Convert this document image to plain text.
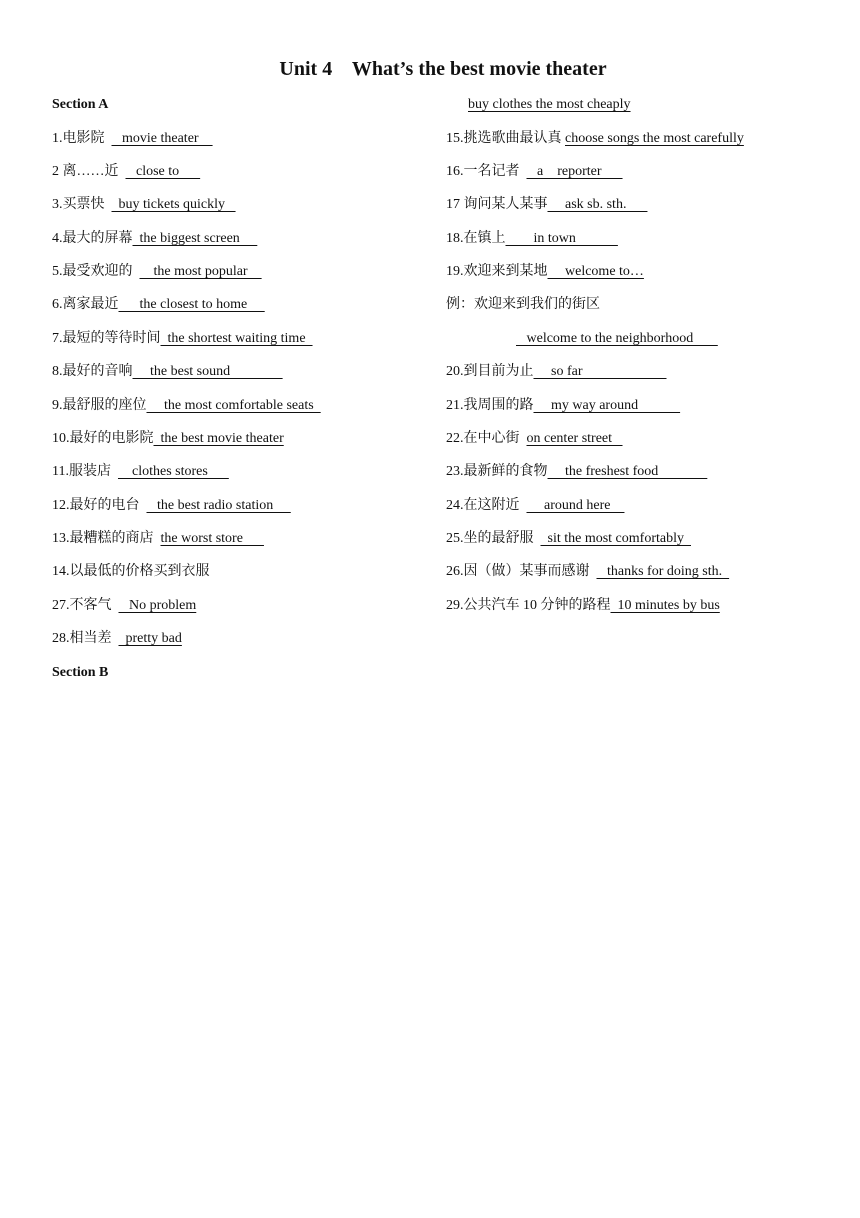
Unit 4    What’s the best movie theater
Section A	buy clothes the most cheaply
1.电影院     movie theater
2 离……近     close to
3.买票快    buy tickets quickly
4.最大的屏幕  the biggest screen
5.最受欢迎的      the most popular
6.离家最近      the closest to home
7.最短的等待时间  the shortest waiting time
8.最好的音响     the best sound
9.最舒服的座位     the most comfortable seats
10.最好的电影院  the best movie theater
11.服装店      clothes stores
12.最好的电台     the best radio station
13.最糟糕的商店  the worst store
14.以最低的价格买到衣服
27.不客气     No problem
28.相当差    pretty bad
Section B
15.挑选歌曲最认真 choose songs the most carefully
16.一名记者     a    reporter
17 询问某人某事     ask sb. sth.
18.在镇上        in town
19.欢迎来到某地     welcome to…
例：欢迎来到我们的街区
welcome to the neighborhood
20.到目前为止     so far
21.我周围的路     my way around
22.在中心街  on center street
23.最新鲜的食物     the freshest food
24.在这附近       around here
25.坐的最舒服    sit the most comfortably
26.因（做）某事而感谢     thanks for doing sth.
29.公共汽车 10 分钟的路程  10 minutes by bus
